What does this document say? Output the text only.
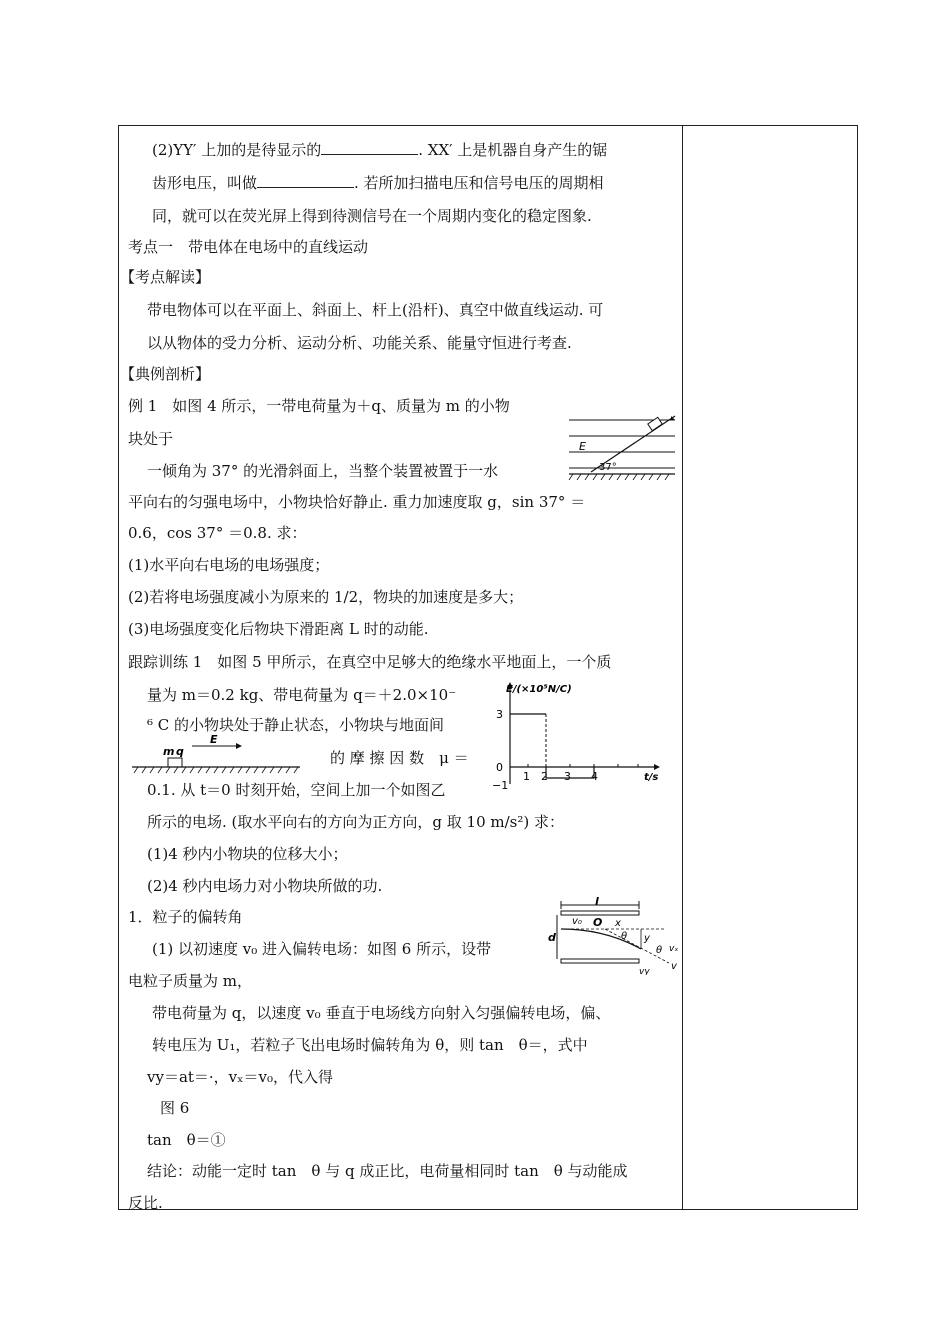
(2)YY′ 上加的是待显示的	. XX′ 上是机器自身产生的锯
齿形电压，叫做	. 若所加扫描电压和信号电压的周期相
同，就可以在荧光屏上得到待测信号在一个周期内变化的稳定图象.
考点一　带电体在电场中的直线运动
【考点解读】
带电物体可以在平面上、斜面上、杆上(沿杆)、真空中做直线运动. 可
以从物体的受力分析、运动分析、功能关系、能量守恒进行考查.
【典例剖析】
例 1　如图 4 所示，一带电荷量为＋q、质量为 m 的小物
块处于
一倾角为 37° 的光滑斜面上，当整个装置被置于一水
平向右的匀强电场中，小物块恰好静止. 重力加速度取 g，sin 37° ＝
0.6，cos 37° ＝0.8. 求：
(1)水平向右电场的电场强度；
(2)若将电场强度减小为原来的 1/2，物块的加速度是多大；
(3)电场强度变化后物块下滑距离 L 时的动能.
E
37°
跟踪训练 1　如图 5 甲所示，在真空中足够大的绝缘水平地面上，一个质
量为 m＝0.2 kg、带电荷量为 q＝＋2.0×10⁻
⁶ C 的小物块处于静止状态，小物块与地面间
的 摩 擦 因 数　μ ＝
0.1. 从 t＝0 时刻开始，空间上加一个如图乙
所示的电场. (取水平向右的方向为正方向，g 取 10 m/s²) 求：
(1)4 秒内小物块的位移大小；
(2)4 秒内电场力对小物块所做的功.
m q
E
E/(×10⁵N/C)
t/s
3
0
−1
1 2 3 4
1．粒子的偏转角
(1) 以初速度 v₀ 进入偏转电场：如图 6 所示，设带
电粒子质量为 m，
带电荷量为 q，以速度 v₀ 垂直于电场线方向射入匀强偏转电场，偏、
转电压为 U₁，若粒子飞出电场时偏转角为 θ，则 tan　θ＝，式中
vy＝at＝·，vₓ＝v₀，代入得
图 6
tan　θ＝①
结论：动能一定时 tan　θ 与 q 成正比，电荷量相同时 tan　θ 与动能成
反比.
l
d
v₀ O x
θ y
θ vₓ
v
vy
